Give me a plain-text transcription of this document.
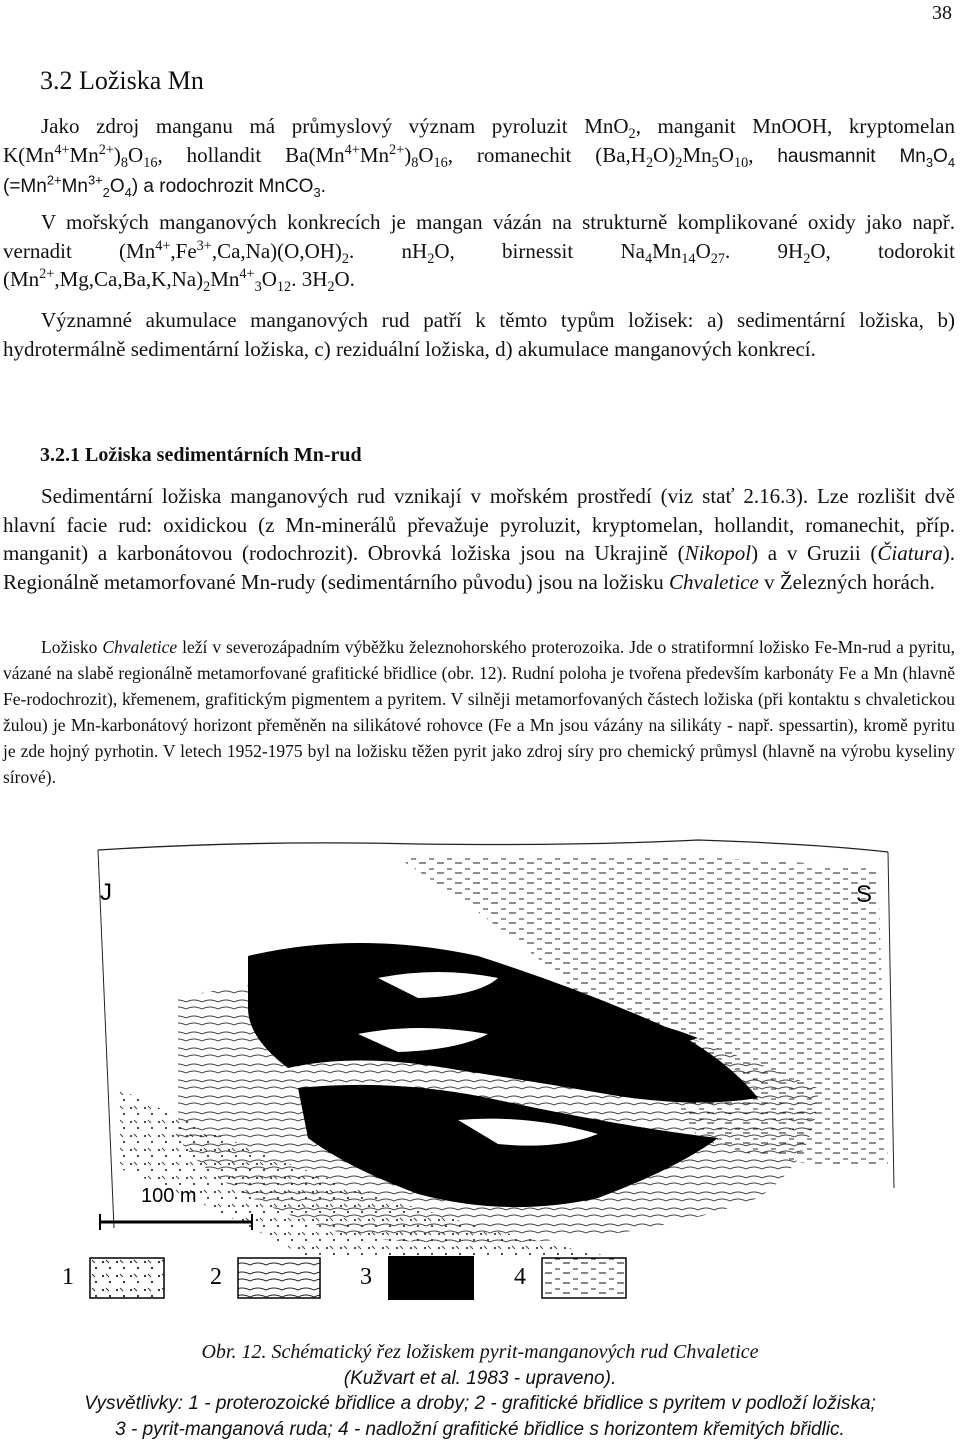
38
3.2 Ložiska Mn

Jako zdroj manganu má průmyslový význam pyroluzit MnO$_2$, manganit MnOOH, kryptomelan $K(Mn^{4+}Mn^{2+})_8O_{16}$, hollandit $Ba(Mn^{4+}Mn^{2+})_8O_{16}$, romanechit $(Ba,H_2O)_2Mn_5O_{10}$, hausmannit $Mn_3O_4$ $(=Mn^{2+}Mn^{3+}_2O_4)$ a rodochrozit MnCO$_3$.

V mořských manganových konkrecích je mangan vázán na strukturně komplikované oxidy jako např. vernadit $(Mn^{4+},Fe^{3+},Ca,Na)(O,OH)_2$. $nH_2O$, birnessit $Na_4Mn_{14}O_{27}$. $9H_2O$, todorokit $(Mn^{2+},Mg,Ca,Ba,K,Na)_2Mn^{4+}_3O_{12}$. $3H_2O$.

Významné akumulace manganových rud patří k těmto typům ložisek: a) sedimentární ložiska, b) hydrotermálně sedimentární ložiska, c) reziduální ložiska, d) akumulace manganových konkrecí.

3.2.1 Ložiska sedimentárních Mn-rud

Sedimentární ložiska manganových rud vznikají v mořském prostředí (viz stať 2.16.3). Lze rozlišit dvě hlavní facie rud: oxidickou (z Mn-minerálů převažuje pyroluzit, kryptomelan, hollandit, romanechit, příp. manganit) a karbonátovou (rodochrozit). Obrovká ložiska jsou na Ukrajině (Nikopol) a v Gruzii (Čiatura). Regionálně metamorfované Mn-rudy (sedimentárního původu) jsou na ložisku Chvaletice v Železných horách.

Ložisko Chvaletice leží v severozápadním výběžku železnohorského proterozoika. Jde o stratiformní ložisko Fe-Mn-rud a pyritu, vázané na slabě regionálně metamorfované grafitické břidlice (obr. 12). Rudní poloha je tvořena především karbonáty Fe a Mn (hlavně Fe-rodochrozit), křemenem, grafitickým pigmentem a pyritem. V silněji metamorfovaných částech ložiska (při kontaktu s chvaletickou žulou) je Mn-karbonátový horizont přeměněn na silikátové rohovce (Fe a Mn jsou vázány na silikáty - např. spessartin), kromě pyritu je zde hojný pyrhotin. V letech 1952-1975 byl na ložisku těžen pyrit jako zdroj síry pro chemický průmysl (hlavně na výrobu kyseliny sírové).

J	S
100 m
1	2	3	4
Obr. 12. Schématický řez ložiskem pyrit-manganových rud Chvaletice
(Kužvart et al. 1983 - upraveno).
Vysvětlivky: 1 - proterozoické břidlice a droby; 2 - grafitické břidlice s pyritem v podloží ložiska;
3 - pyrit-manganová ruda; 4 - nadložní grafitické břidlice s horizontem křemitých břidlic.
